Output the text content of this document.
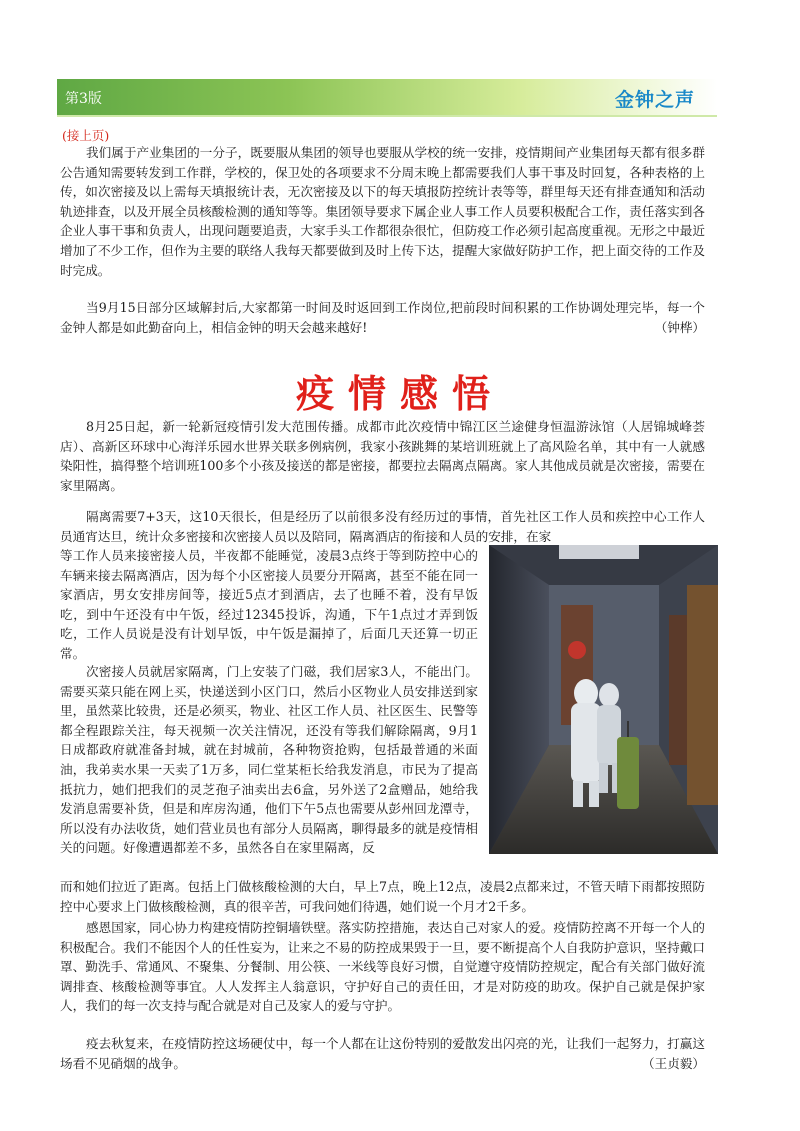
第3版	金钟之声
(接上页)

我们属于产业集团的一分子，既要服从集团的领导也要服从学校的统一安排，疫情期间产业集团每天都有很多群公告通知需要转发到工作群，学校的，保卫处的各项要求不分周末晚上都需要我们人事干事及时回复，各种表格的上传，如次密接及以上需每天填报统计表，无次密接及以下的每天填报防控统计表等等，群里每天还有排查通知和活动轨迹排查，以及开展全员核酸检测的通知等等。集团领导要求下属企业人事工作人员要积极配合工作，责任落实到各企业人事干事和负责人，出现问题要追责，大家手头工作都很杂很忙，但防疫工作必须引起高度重视。无形之中最近增加了不少工作，但作为主要的联络人我每天都要做到及时上传下达，提醒大家做好防护工作，把上面交待的工作及时完成。

当9月15日部分区域解封后,大家都第一时间及时返回到工作岗位,把前段时间积累的工作协调处理完毕，每一个金钟人都是如此勤奋向上，相信金钟的明天会越来越好!	（钟桦）

疫情感悟

8月25日起，新一轮新冠疫情引发大范围传播。成都市此次疫情中锦江区兰途健身恒温游泳馆（人居锦城峰荟店）、高新区环球中心海洋乐园水世界关联多例病例，我家小孩跳舞的某培训班就上了高风险名单，其中有一人就感染阳性，搞得整个培训班100多个小孩及接送的都是密接，都要拉去隔离点隔离。家人其他成员就是次密接，需要在家里隔离。

隔离需要7+3天，这10天很长，但是经历了以前很多没有经历过的事情，首先社区工作人员和疾控中心工作人员通宵达旦，统计众多密接和次密接人员以及陪同，隔离酒店的衔接和人员的安排，在家

等工作人员来接密接人员，半夜都不能睡觉，凌晨3点终于等到防控中心的车辆来接去隔离酒店，因为每个小区密接人员要分开隔离，甚至不能在同一家酒店，男女安排房间等，接近5点才到酒店，去了也睡不着，没有早饭吃，到中午还没有中午饭，经过12345投诉，沟通，下午1点过才弄到饭吃，工作人员说是没有计划早饭，中午饭是漏掉了，后面几天还算一切正常。

次密接人员就居家隔离，门上安装了门磁，我们居家3人，不能出门。需要买菜只能在网上买，快递送到小区门口，然后小区物业人员安排送到家里，虽然菜比较贵，还是必须买，物业、社区工作人员、社区医生、民警等都全程跟踪关注，每天视频一次关注情况，还没有等我们解除隔离，9月1日成都政府就准备封城，就在封城前，各种物资抢购，包括最普通的米面油，我弟卖水果一天卖了1万多，同仁堂某柜长给我发消息，市民为了提高抵抗力，她们把我们的灵芝孢子油卖出去6盒，另外送了2盒赠品，她给我发消息需要补货，但是和库房沟通，他们下午5点也需要从彭州回龙潭寺，所以没有办法收货，她们营业员也有部分人员隔离，聊得最多的就是疫情相关的问题。好像遭遇都差不多，虽然各自在家里隔离，反

而和她们拉近了距离。包括上门做核酸检测的大白，早上7点，晚上12点，凌晨2点都来过，不管天晴下雨都按照防控中心要求上门做核酸检测，真的很辛苦，可我问她们待遇，她们说一个月才2千多。

感恩国家，同心协力构建疫情防控铜墙铁壁。落实防控措施，表达自己对家人的爱。疫情防控离不开每一个人的积极配合。我们不能因个人的任性妄为，让来之不易的防控成果毁于一旦，要不断提高个人自我防护意识，坚持戴口罩、勤洗手、常通风、不聚集、分餐制、用公筷、一米线等良好习惯，自觉遵守疫情防控规定，配合有关部门做好流调排查、核酸检测等事宜。人人发挥主人翁意识，守护好自己的责任田，才是对防疫的助攻。保护自己就是保护家人，我们的每一次支持与配合就是对自己及家人的爱与守护。

疫去秋复来，在疫情防控这场硬仗中，每一个人都在让这份特别的爱散发出闪亮的光，让我们一起努力，打赢这场看不见硝烟的战争。	（王贞毅）
